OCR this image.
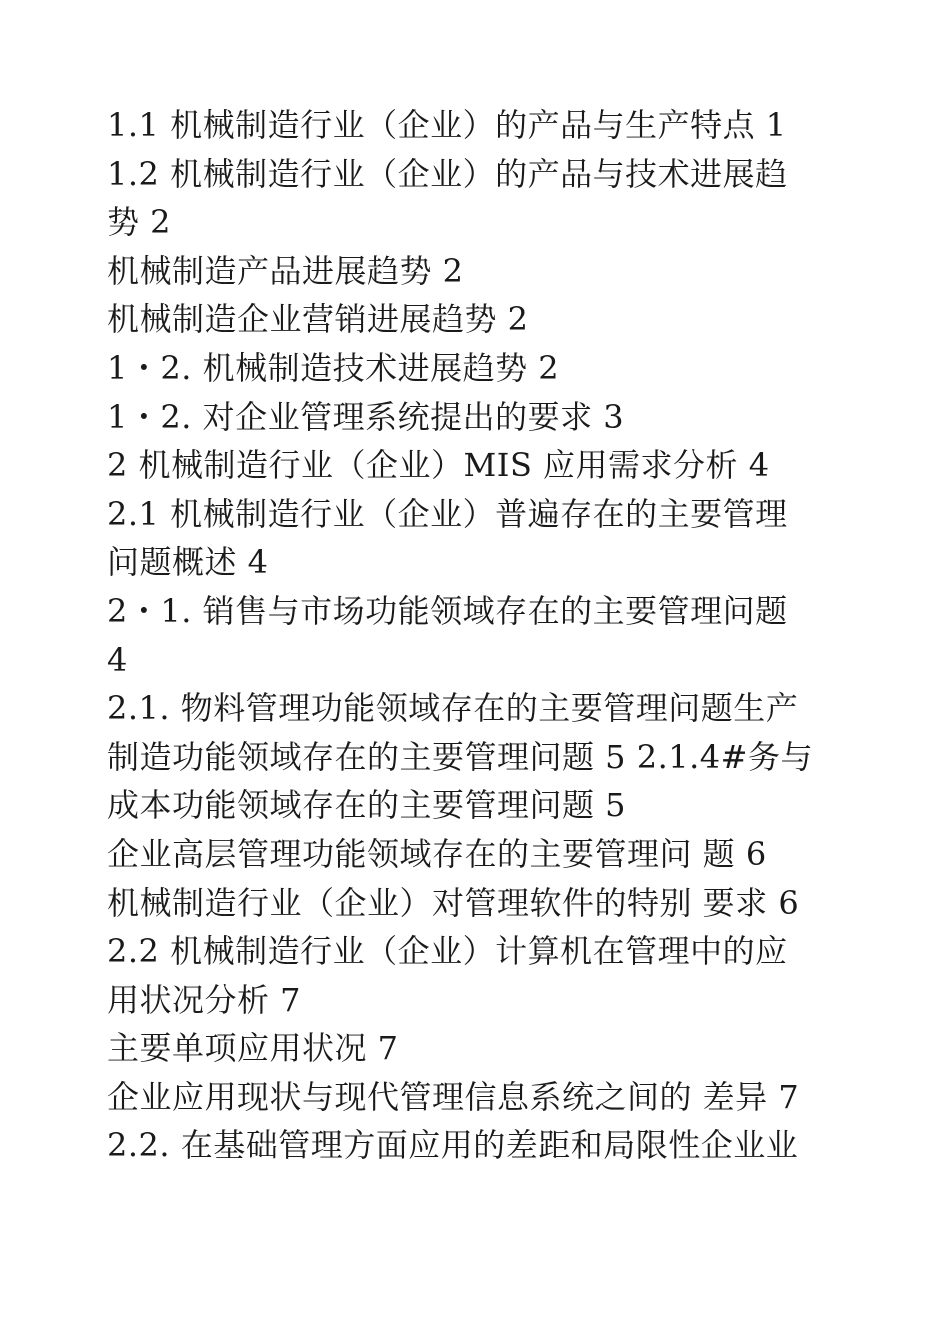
1.1 机械制造行业（企业）的产品与生产特点 1
1.2 机械制造行业（企业）的产品与技术进展趋
势 2
机械制造产品进展趋势 2
机械制造企业营销进展趋势 2
1・2. 机械制造技术进展趋势 2
1・2. 对企业管理系统提出的要求 3
2 机械制造行业（企业）MIS 应用需求分析 4
2.1 机械制造行业（企业）普遍存在的主要管理
问题概述 4
2・1. 销售与市场功能领域存在的主要管理问题
4
2.1. 物料管理功能领域存在的主要管理问题生产
制造功能领域存在的主要管理问题 5 2.1.4#务与
成本功能领域存在的主要管理问题 5
企业高层管理功能领域存在的主要管理问 题 6
机械制造行业（企业）对管理软件的特别 要求 6
2.2 机械制造行业（企业）计算机在管理中的应
用状况分析 7
主要单项应用状况 7
企业应用现状与现代管理信息系统之间的 差异 7
2.2. 在基础管理方面应用的差距和局限性企业业
